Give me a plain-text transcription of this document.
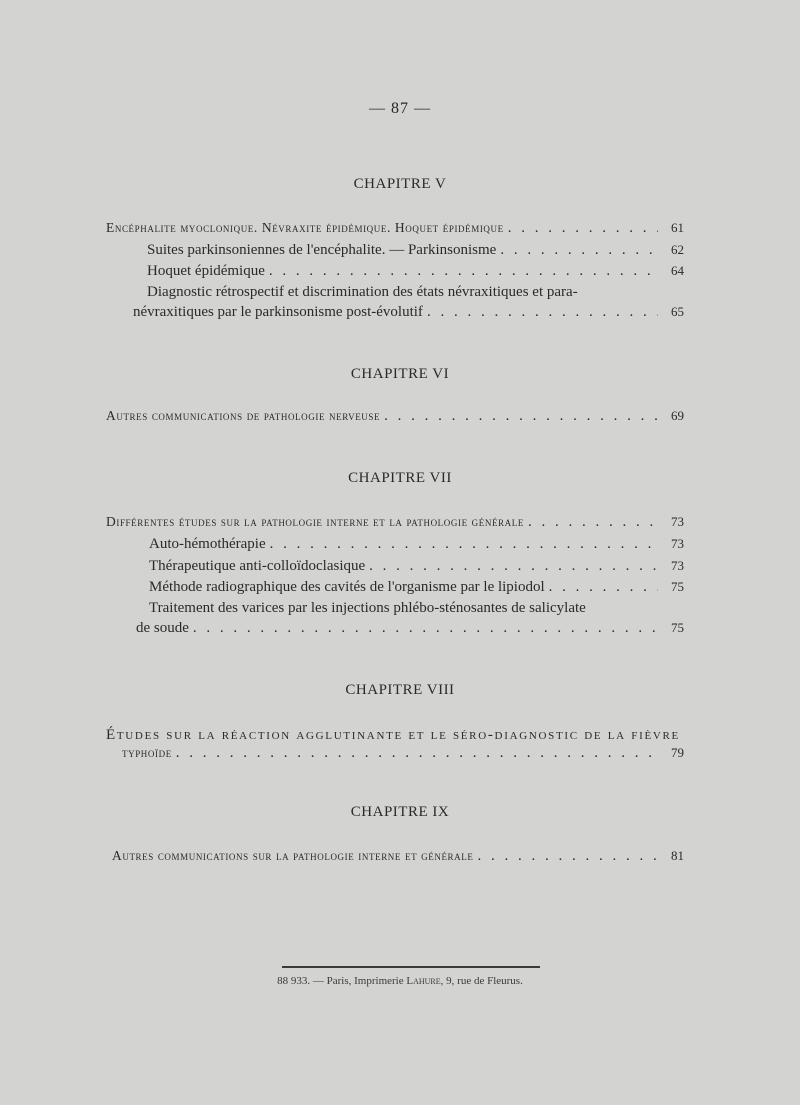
— 87 —
CHAPITRE V
Encéphalite myoclonique. Névraxite épidémique. Hoquet épidémique . . .	61
Suites parkinsoniennes de l'encéphalite. — Parkinsonisme . . .	62
Hoquet épidémique . . .	64
Diagnostic rétrospectif et discrimination des états névraxitiques et para-
névraxitiques par le parkinsonisme post-évolutif . . .	65
CHAPITRE VI
Autres communications de pathologie nerveuse . . .	69
CHAPITRE VII
Différentes études sur la pathologie interne et la pathologie générale . . .	73
Auto-hémothérapie . . .	73
Thérapeutique anti-colloïdoclasique . . .	73
Méthode radiographique des cavités de l'organisme par le lipiodol . . .	75
Traitement des varices par les injections phlébo-sténosantes de salicylate
de soude . . .	75
CHAPITRE VIII
Études sur la réaction agglutinante et le séro-diagnostic de la fièvre
typhoïde . . .	79
CHAPITRE IX
Autres communications sur la pathologie interne et générale . . .	81
88 933. — Paris, Imprimerie Lahure, 9, rue de Fleurus.
